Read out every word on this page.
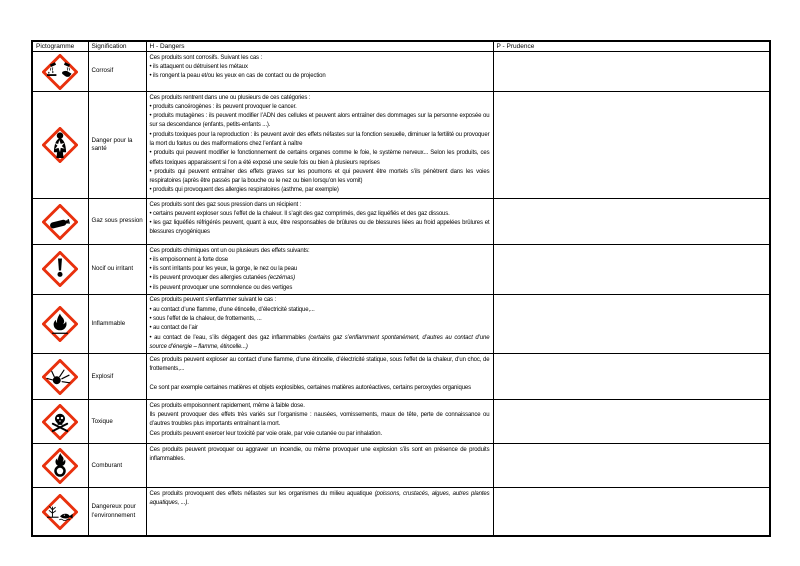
Pictogramme	Signification	H - Dangers	P - Prudence

	Corrosif	Ces produits sont corrosifs. Suivant les cas :
• ils attaquent ou détruisent les métaux
• ils rongent la peau et/ou les yeux en cas de contact ou de projection	

	Danger pour la santé	
Ces produits rentrent dans une ou plusieurs de ces catégories :
• produits cancérogènes : ils peuvent provoquer le cancer.
• produits mutagènes : ils peuvent modifier l’ADN des cellules et peuvent alors entraîner des dommages sur la personne exposée ou sur sa descendance (enfants, petits-enfants ...).
• produits toxiques pour la reproduction : ils peuvent avoir des effets néfastes sur la fonction sexuelle, diminuer la fertilité ou provoquer la mort du fœtus ou des malformations chez l’enfant à naître
• produits qui peuvent modifier le fonctionnement de certains organes comme le foie, le système nerveux... Selon les produits, ces effets toxiques apparaissent si l’on a été exposé une seule fois ou bien à plusieurs reprises
• produits qui peuvent entraîner des effets graves sur les poumons et qui peuvent être mortels s’ils pénètrent dans les voies respiratoires (après être passés par la bouche ou le nez ou bien lorsqu’on les vomit)
• produits qui provoquent des allergies respiratoires (asthme, par exemple)

	Gaz sous pression	Ces produits sont des gaz sous pression dans un récipient :
• certains peuvent exploser sous l’effet de la chaleur. Il s’agit des gaz comprimés, des gaz liquéfiés et des gaz dissous.
• les gaz liquéfiés réfrigérés peuvent, quant à eux, être responsables de brûlures ou de blessures liées au froid appelées brûlures et blessures cryogéniques	

	Nocif ou irritant	Ces produits chimiques ont un ou plusieurs des effets suivants:
• ils empoisonnent à forte dose
• ils sont irritants pour les yeux, la gorge, le nez ou la peau
• ils peuvent provoquer des allergies cutanées (eczémas)
• ils peuvent provoquer une somnolence ou des vertiges	

	Inflammable	Ces produits peuvent s’enflammer suivant le cas :
• au contact d’une flamme, d’une étincelle, d’électricité statique,...
• sous l’effet de la chaleur, de frottements, ...
• au contact de l’air
• au contact de l’eau, s’ils dégagent des gaz inflammables (certains gaz s’enflamment spontanément, d’autres au contact d’une source d’énergie – flamme, étincelle...)	

	Explosif	Ces produits peuvent exploser au contact d’une flamme, d’une étincelle, d’électricité statique, sous l’effet de la chaleur, d’un choc, de frottements,...
Ce sont par exemple certaines matières et objets explosibles, certaines matières autoréactives, certains peroxydes organiques	

	Toxique	Ces produits empoisonnent rapidement, même à faible dose.
Ils peuvent provoquer des effets très variés sur l’organisme : nausées, vomissements, maux de tête, perte de connaissance ou d’autres troubles plus importants entraînant la mort.
Ces produits peuvent exercer leur toxicité par voie orale, par voie cutanée ou par inhalation.	

	Comburant	Ces produits peuvent provoquer ou aggraver un incendie, ou même provoquer une explosion s’ils sont en présence de produits inflammables.	

	Dangereux pour l’environnement	Ces produits provoquent des effets néfastes sur les organismes du milieu aquatique (poissons, crustacés, algues, autres plantes aquatiques, ...).	
